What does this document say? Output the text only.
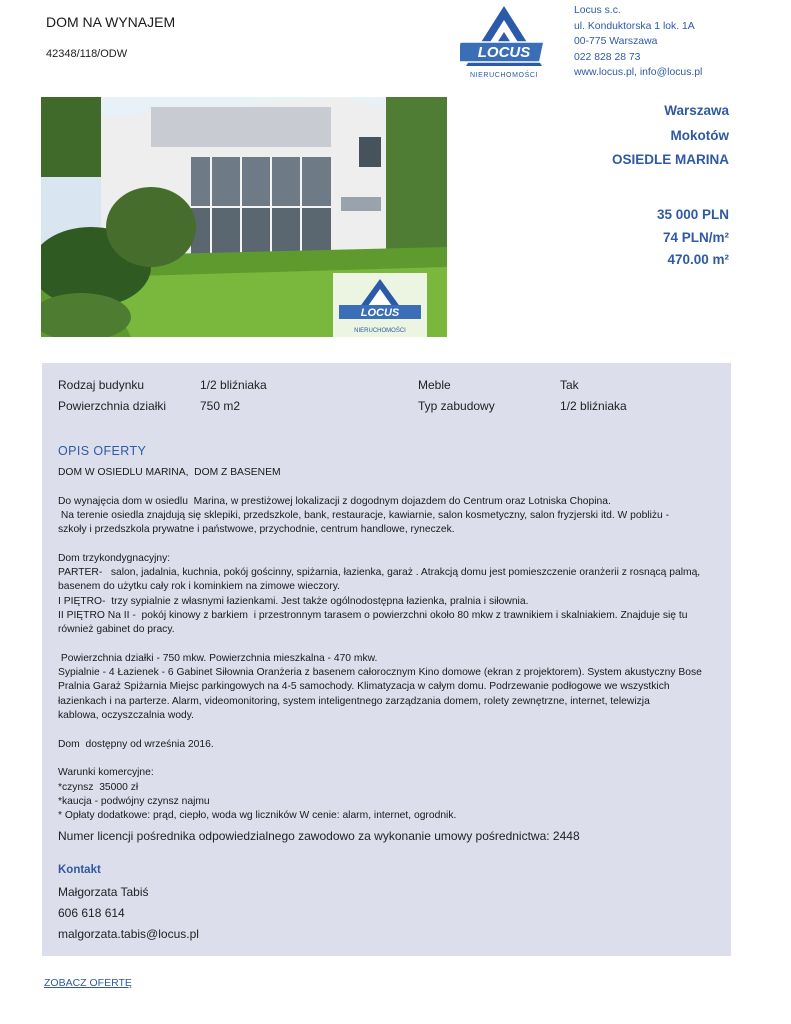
DOM NA WYNAJEM
42348/118/ODW	LOCUS
NIERUCHOMOŚCI
Locus s.c.
ul. Konduktorska 1 lok. 1A
00-775 Warszawa
022 828 28 73
www.locus.pl, info@locus.pl
LOCUS
NIERUCHOMOŚCI
Warszawa
Mokotów
OSIEDLE MARINA
35 000 PLN
74 PLN/m²
470.00 m²
Rodzaj budynku	1/2 bliźniaka	Meble	Tak
Powierzchnia działki	750 m2	Typ zabudowy	1/2 bliźniaka
OPIS OFERTY

DOM W OSIEDLU MARINA,  DOM Z BASENEM

Do wynajęcia dom w osiedlu  Marina, w prestiżowej lokalizacji z dogodnym dojazdem do Centrum oraz Lotniska Chopina.

Na terenie osiedla znajdują się sklepiki, przedszkole, bank, restauracje, kawiarnie, salon kosmetyczny, salon fryzjerski itd. W pobliżu -

szkoły i przedszkola prywatne i państwowe, przychodnie, centrum handlowe, ryneczek.

Dom trzykondygnacyjny:

PARTER-   salon, jadalnia, kuchnia, pokój gościnny, spiżarnia, łazienka, garaż . Atrakcją domu jest pomieszczenie oranżerii z rosnącą palmą,

basenem do użytku cały rok i kominkiem na zimowe wieczory.

I PIĘTRO-  trzy sypialnie z własnymi łazienkami. Jest także ogólnodostępna łazienka, pralnia i siłownia.

II PIĘTRO Na II -  pokój kinowy z barkiem  i przestronnym tarasem o powierzchni około 80 mkw z trawnikiem i skalniakiem. Znajduje się tu

również gabinet do pracy.

Powierzchnia działki - 750 mkw. Powierzchnia mieszkalna - 470 mkw.

Sypialnie - 4 Łazienek - 6 Gabinet Siłownia Oranżeria z basenem całorocznym Kino domowe (ekran z projektorem). System akustyczny Bose

Pralnia Garaż Spiżarnia Miejsc parkingowych na 4-5 samochody. Klimatyzacja w całym domu. Podrzewanie podłogowe we wszystkich

łazienkach i na parterze. Alarm, videomonitoring, system inteligentnego zarządzania domem, rolety zewnętrzne, internet, telewizja

kablowa, oczyszczalnia wody.

Dom  dostępny od września 2016.

Warunki komercyjne:

*czynsz  35000 zł

*kaucja - podwójny czynsz najmu

* Opłaty dodatkowe: prąd, ciepło, woda wg liczników W cenie: alarm, internet, ogrodnik.

Numer licencji pośrednika odpowiedzialnego zawodowo za wykonanie umowy pośrednictwa: 2448
Kontakt
Małgorzata Tabiś
606 618 614
malgorzata.tabis@locus.pl
ZOBACZ OFERTĘ
